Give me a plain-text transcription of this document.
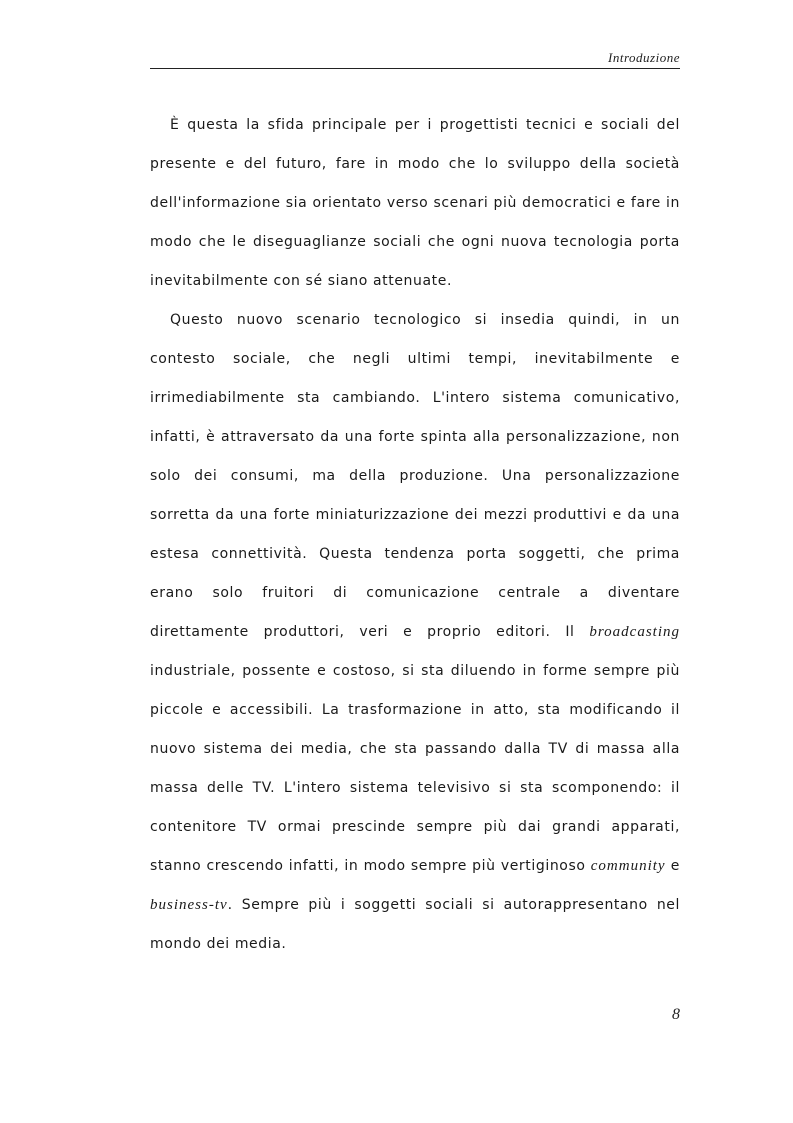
Introduzione

È questa la sfida principale per i progettisti tecnici e sociali del presente e del futuro, fare in modo che lo sviluppo della società dell'informazione sia orientato verso scenari più democratici e fare in modo che le diseguaglianze sociali che ogni nuova tecnologia porta inevitabilmente con sé siano attenuate.

Questo nuovo scenario tecnologico si insedia quindi, in un contesto sociale, che negli ultimi tempi, inevitabilmente e irrimediabilmente sta cambiando. L'intero sistema comunicativo, infatti, è attraversato da una forte spinta alla personalizzazione, non solo dei consumi, ma della produzione. Una personalizzazione sorretta da una forte miniaturizzazione dei mezzi produttivi e da una estesa connettività. Questa tendenza porta soggetti, che prima erano solo fruitori di comunicazione centrale a diventare direttamente produttori, veri e proprio editori. Il broadcasting industriale, possente e costoso, si sta diluendo in forme sempre più piccole e accessibili. La trasformazione in atto, sta modificando il nuovo sistema dei media, che sta passando dalla TV di massa alla massa delle TV. L'intero sistema televisivo si sta scomponendo: il contenitore TV ormai prescinde sempre più dai grandi apparati, stanno crescendo infatti, in modo sempre più vertiginoso community e business-tv. Sempre più i soggetti sociali si autorappresentano nel mondo dei media.

8
